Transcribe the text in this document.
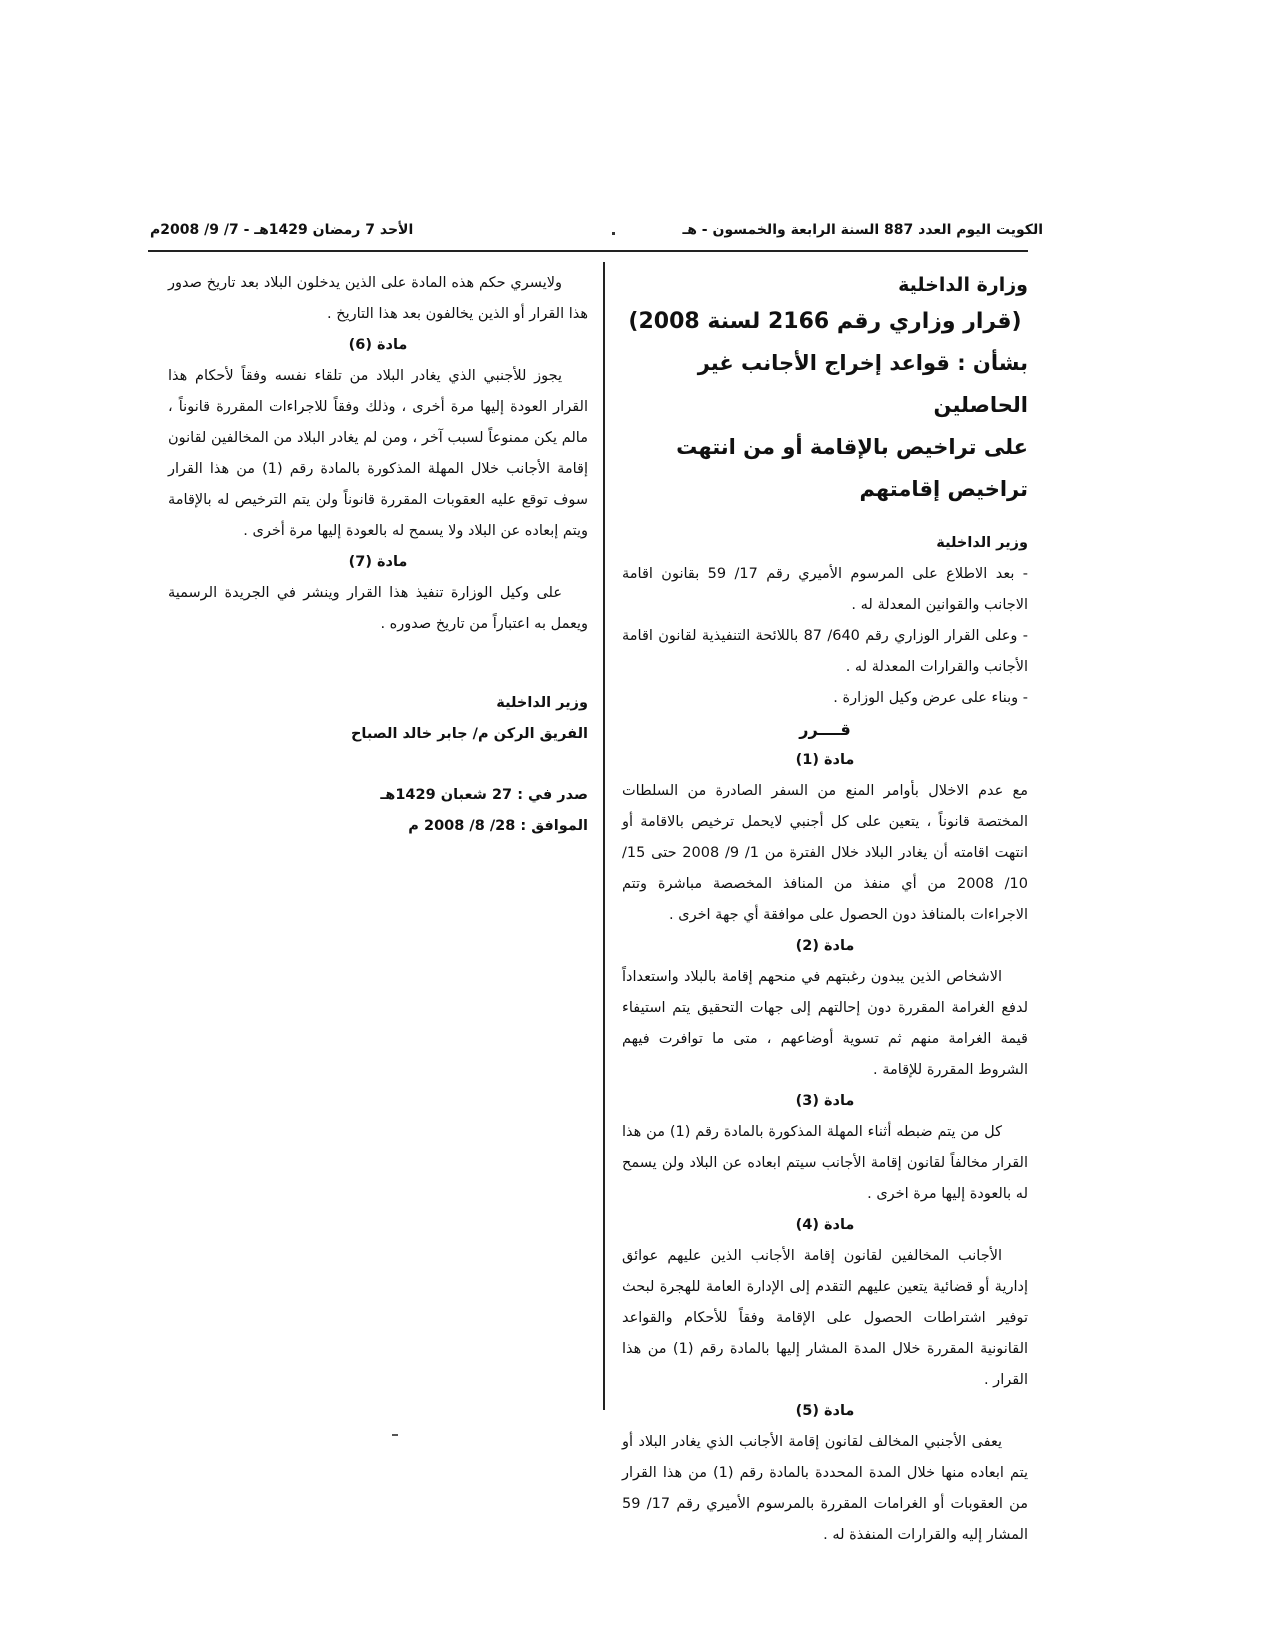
الكويت اليوم العدد 887 السنة الرابعة والخمسون - هـ
الأحد 7 رمضان 1429هـ - 7/ 9/ 2008م
وزارة الداخلية
(قرار وزاري رقم 2166 لسنة 2008)
بشأن : قواعد إخراج الأجانب غير الحاصلين
على تراخيص بالإقامة أو من انتهت تراخيص إقامتهم
وزير الداخلية

- بعد الاطلاع على المرسوم الأميري رقم 17/ 59 بقانون اقامة الاجانب والقوانين المعدلة له .

- وعلى القرار الوزاري رقم 640/ 87 باللائحة التنفيذية لقانون اقامة الأجانب والقرارات المعدلة له .

- وبناء على عرض وكيل الوزارة .

قــــرر
مادة (1)

مع عدم الاخلال بأوامر المنع من السفر الصادرة من السلطات المختصة قانوناً ، يتعين على كل أجنبي لايحمل ترخيص بالاقامة أو انتهت اقامته أن يغادر البلاد خلال الفترة من 1/ 9/ 2008 حتى 15/ 10/ 2008 من أي منفذ من المنافذ المخصصة مباشرة وتتم الاجراءات بالمنافذ دون الحصول على موافقة أي جهة اخرى .

مادة (2)

الاشخاص الذين يبدون رغبتهم في منحهم إقامة بالبلاد واستعداداً لدفع الغرامة المقررة دون إحالتهم إلى جهات التحقيق يتم استيفاء قيمة الغرامة منهم ثم تسوية أوضاعهم ، متى ما توافرت فيهم الشروط المقررة للإقامة .

مادة (3)

كل من يتم ضبطه أثناء المهلة المذكورة بالمادة رقم (1) من هذا القرار مخالفاً لقانون إقامة الأجانب سيتم ابعاده عن البلاد ولن يسمح له بالعودة إليها مرة اخرى .

مادة (4)

الأجانب المخالفين لقانون إقامة الأجانب الذين عليهم عوائق إدارية أو قضائية يتعين عليهم التقدم إلى الإدارة العامة للهجرة لبحث توفير اشتراطات الحصول على الإقامة وفقاً للأحكام والقواعد القانونية المقررة خلال المدة المشار إليها بالمادة رقم (1) من هذا القرار .

مادة (5)

يعفى الأجنبي المخالف لقانون إقامة الأجانب الذي يغادر البلاد أو يتم ابعاده منها خلال المدة المحددة بالمادة رقم (1) من هذا القرار من العقوبات أو الغرامات المقررة بالمرسوم الأميري رقم 17/ 59 المشار إليه والقرارات المنفذة له .

ولايسري حكم هذه المادة على الذين يدخلون البلاد بعد تاريخ صدور هذا القرار أو الذين يخالفون بعد هذا التاريخ .

مادة (6)

يجوز للأجنبي الذي يغادر البلاد من تلقاء نفسه وفقاً لأحكام هذا القرار العودة إليها مرة أخرى ، وذلك وفقاً للاجراءات المقررة قانوناً ، مالم يكن ممنوعاً لسبب آخر ، ومن لم يغادر البلاد من المخالفين لقانون إقامة الأجانب خلال المهلة المذكورة بالمادة رقم (1) من هذا القرار سوف توقع عليه العقوبات المقررة قانوناً ولن يتم الترخيص له بالإقامة ويتم إبعاده عن البلاد ولا يسمح له بالعودة إليها مرة أخرى .

مادة (7)

على وكيل الوزارة تنفيذ هذا القرار وينشر في الجريدة الرسمية ويعمل به اعتباراً من تاريخ صدوره .

وزير الداخلية
الفريق الركن م/ جابر خالد الصباح
صدر في : 27 شعبان 1429هـ
الموافق : 28/ 8/ 2008 م
